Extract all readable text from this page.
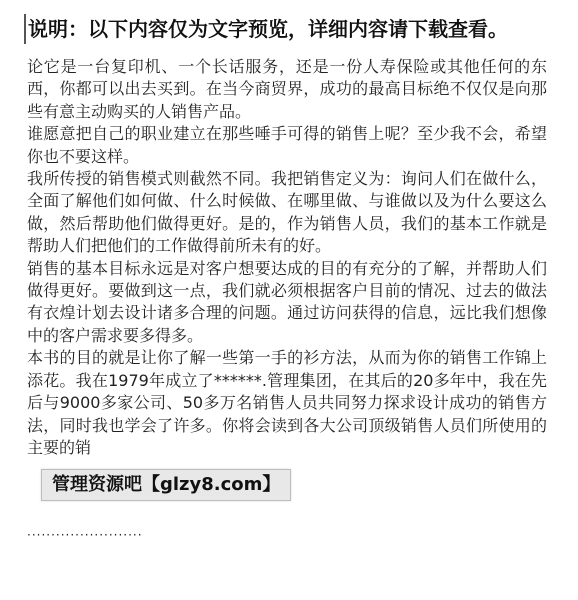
说明：以下内容仅为文字预览，详细内容请下载查看。

论它是一台复印机、一个长话服务，还是一份人寿保险或其他任何的东西，你都可以出去买到。在当今商贸界，成功的最高目标绝不仅仅是向那些有意主动购买的人销售产品。

谁愿意把自己的职业建立在那些唾手可得的销售上呢？至少我不会，希望你也不要这样。

我所传授的销售模式则截然不同。我把销售定义为：询问人们在做什么，全面了解他们如何做、什么时候做、在哪里做、与谁做以及为什么要这么做，然后帮助他们做得更好。是的，作为销售人员，我们的基本工作就是帮助人们把他们的工作做得前所未有的好。

销售的基本目标永远是对客户想要达成的目的有充分的了解，并帮助人们做得更好。要做到这一点，我们就必须根据客户目前的情况、过去的做法有衣煌计划去设计诸多合理的问题。通过访问获得的信息，远比我们想像中的客户需求要多得多。

本书的目的就是让你了解一些第一手的衫方法，从而为你的销售工作锦上添花。我在1979年成立了******.管理集团，在其后的20多年中，我在先后与9000多家公司、50多万名销售人员共同努力探求设计成功的销售方法，同时我也学会了许多。你将会读到各大公司顶级销售人员们所使用的主要的销

························
管理资源吧【glzy8.com】
